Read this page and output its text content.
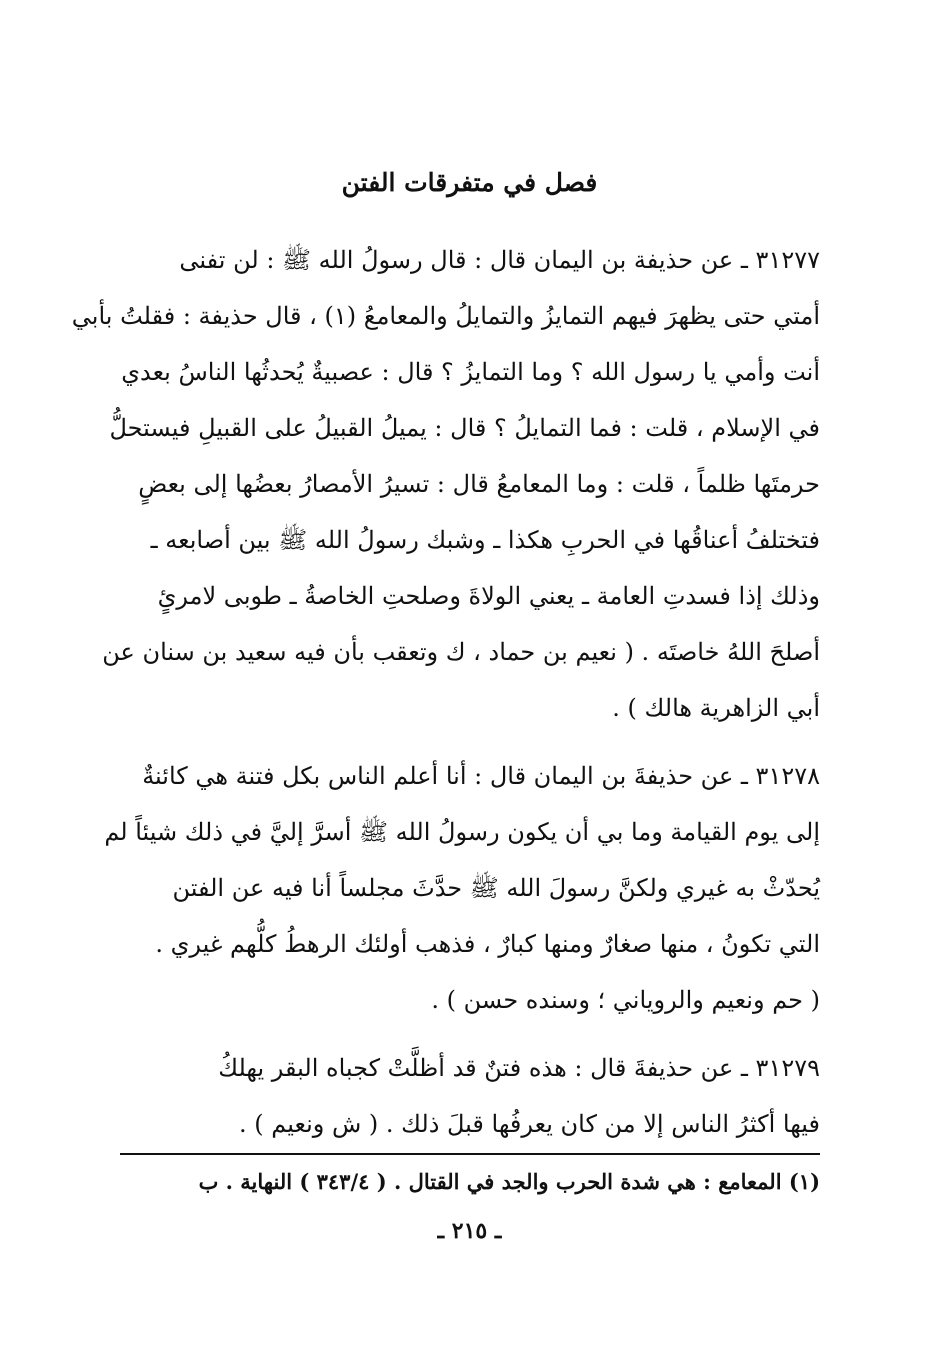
فصل في متفرقات الفتن
٣١٢٧٧ ـ عن حذيفة بن اليمان قال : قال رسولُ الله ﷺ : لن تفنى
أمتي حتى يظهرَ فيهم التمايزُ والتمايلُ والمعامعُ (١) ، قال حذيفة : فقلتُ بأبي
أنت وأمي يا رسول الله ؟ وما التمايزُ ؟ قال : عصبيةٌ يُحدثُها الناسُ بعدي
في الإسلام ، قلت : فما التمايلُ ؟ قال : يميلُ القبيلُ على القبيلِ فيستحلُّ
حرمتَها ظلماً ، قلت : وما المعامعُ قال : تسيرُ الأمصارُ بعضُها إلى بعضٍ
فتختلفُ أعناقُها في الحربِ هكذا ـ وشبك رسولُ الله ﷺ بين أصابعه ـ
وذلك إذا فسدتِ العامة ـ يعني الولاةَ وصلحتِ الخاصةُ ـ طوبى لامرئٍ
أصلحَ اللهُ خاصتَه . ( نعيم بن حماد ، ك وتعقب بأن فيه سعيد بن سنان عن
أبي الزاهرية هالك ) .
٣١٢٧٨ ـ عن حذيفةَ بن اليمان قال : أنا أعلم الناس بكل فتنة هي كائنةٌ
إلى يوم القيامة وما بي أن يكون رسولُ الله ﷺ أسرَّ إليَّ في ذلك شيئاً لم
يُحدّثْ به غيري ولكنَّ رسولَ الله ﷺ حدَّثَ مجلساً أنا فيه عن الفتن
التي تكونُ ، منها صغارٌ ومنها كبارٌ ، فذهب أولئك الرهطُ كلُّهم غيري .
( حم ونعيم والروياني ؛ وسنده حسن ) .
٣١٢٧٩ ـ عن حذيفةَ قال : هذه فتنٌ قد أظلَّتْ كجباه البقر يهلكُ
فيها أكثرُ الناس إلا من كان يعرفُها قبلَ ذلك . ( ش ونعيم ) .
(١) المعامع : هي شدة الحرب والجد في القتال . ( ٣٤٣/٤ ) النهاية . ب
ـ ٢١٥ ـ
